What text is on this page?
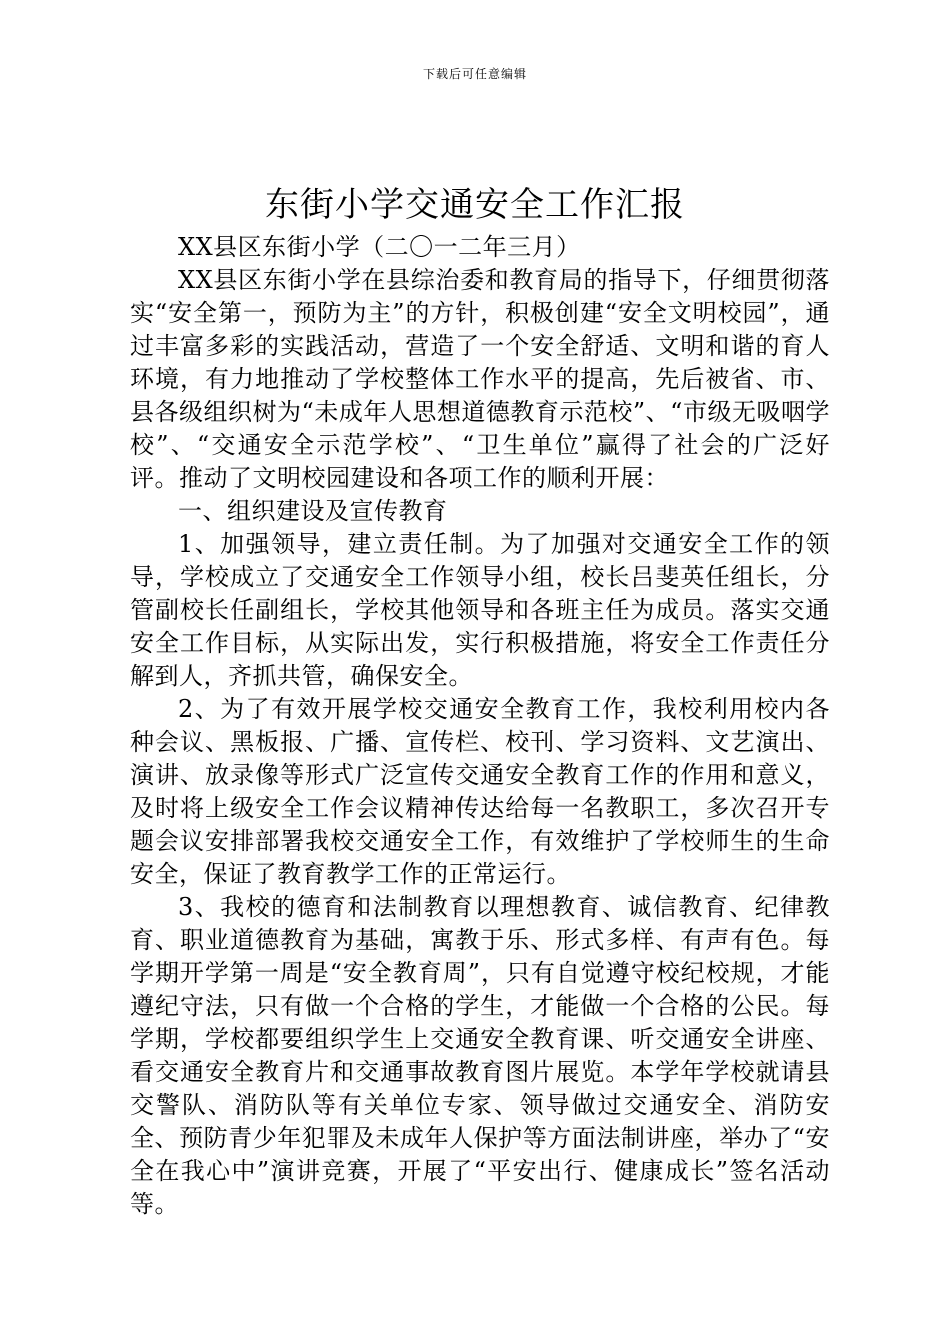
下载后可任意编辑
东街小学交通安全工作汇报

XX县区东街小学（二〇一二年三月）

XX县区东街小学在县综治委和教育局的指导下，仔细贯彻落实“安全第一，预防为主”的方针，积极创建“安全文明校园”，通过丰富多彩的实践活动，营造了一个安全舒适、文明和谐的育人环境，有力地推动了学校整体工作水平的提高，先后被省、市、县各级组织树为“未成年人思想道德教育示范校”、“市级无吸咽学校”、“交通安全示范学校”、“卫生单位”赢得了社会的广泛好评。推动了文明校园建设和各项工作的顺利开展：

一、组织建设及宣传教育

1、加强领导，建立责任制。为了加强对交通安全工作的领导，学校成立了交通安全工作领导小组，校长吕斐英任组长，分管副校长任副组长，学校其他领导和各班主任为成员。落实交通安全工作目标，从实际出发，实行积极措施，将安全工作责任分解到人，齐抓共管，确保安全。

2、为了有效开展学校交通安全教育工作，我校利用校内各种会议、黑板报、广播、宣传栏、校刊、学习资料、文艺演出、演讲、放录像等形式广泛宣传交通安全教育工作的作用和意义，及时将上级安全工作会议精神传达给每一名教职工，多次召开专题会议安排部署我校交通安全工作，有效维护了学校师生的生命安全，保证了教育教学工作的正常运行。

3、我校的德育和法制教育以理想教育、诚信教育、纪律教育、职业道德教育为基础，寓教于乐、形式多样、有声有色。每学期开学第一周是“安全教育周”，只有自觉遵守校纪校规，才能遵纪守法，只有做一个合格的学生，才能做一个合格的公民。每学期，学校都要组织学生上交通安全教育课、听交通安全讲座、看交通安全教育片和交通事故教育图片展览。本学年学校就请县交警队、消防队等有关单位专家、领导做过交通安全、消防安全、预防青少年犯罪及未成年人保护等方面法制讲座，举办了“安全在我心中”演讲竞赛，开展了“平安出行、健康成长”签名活动等。
